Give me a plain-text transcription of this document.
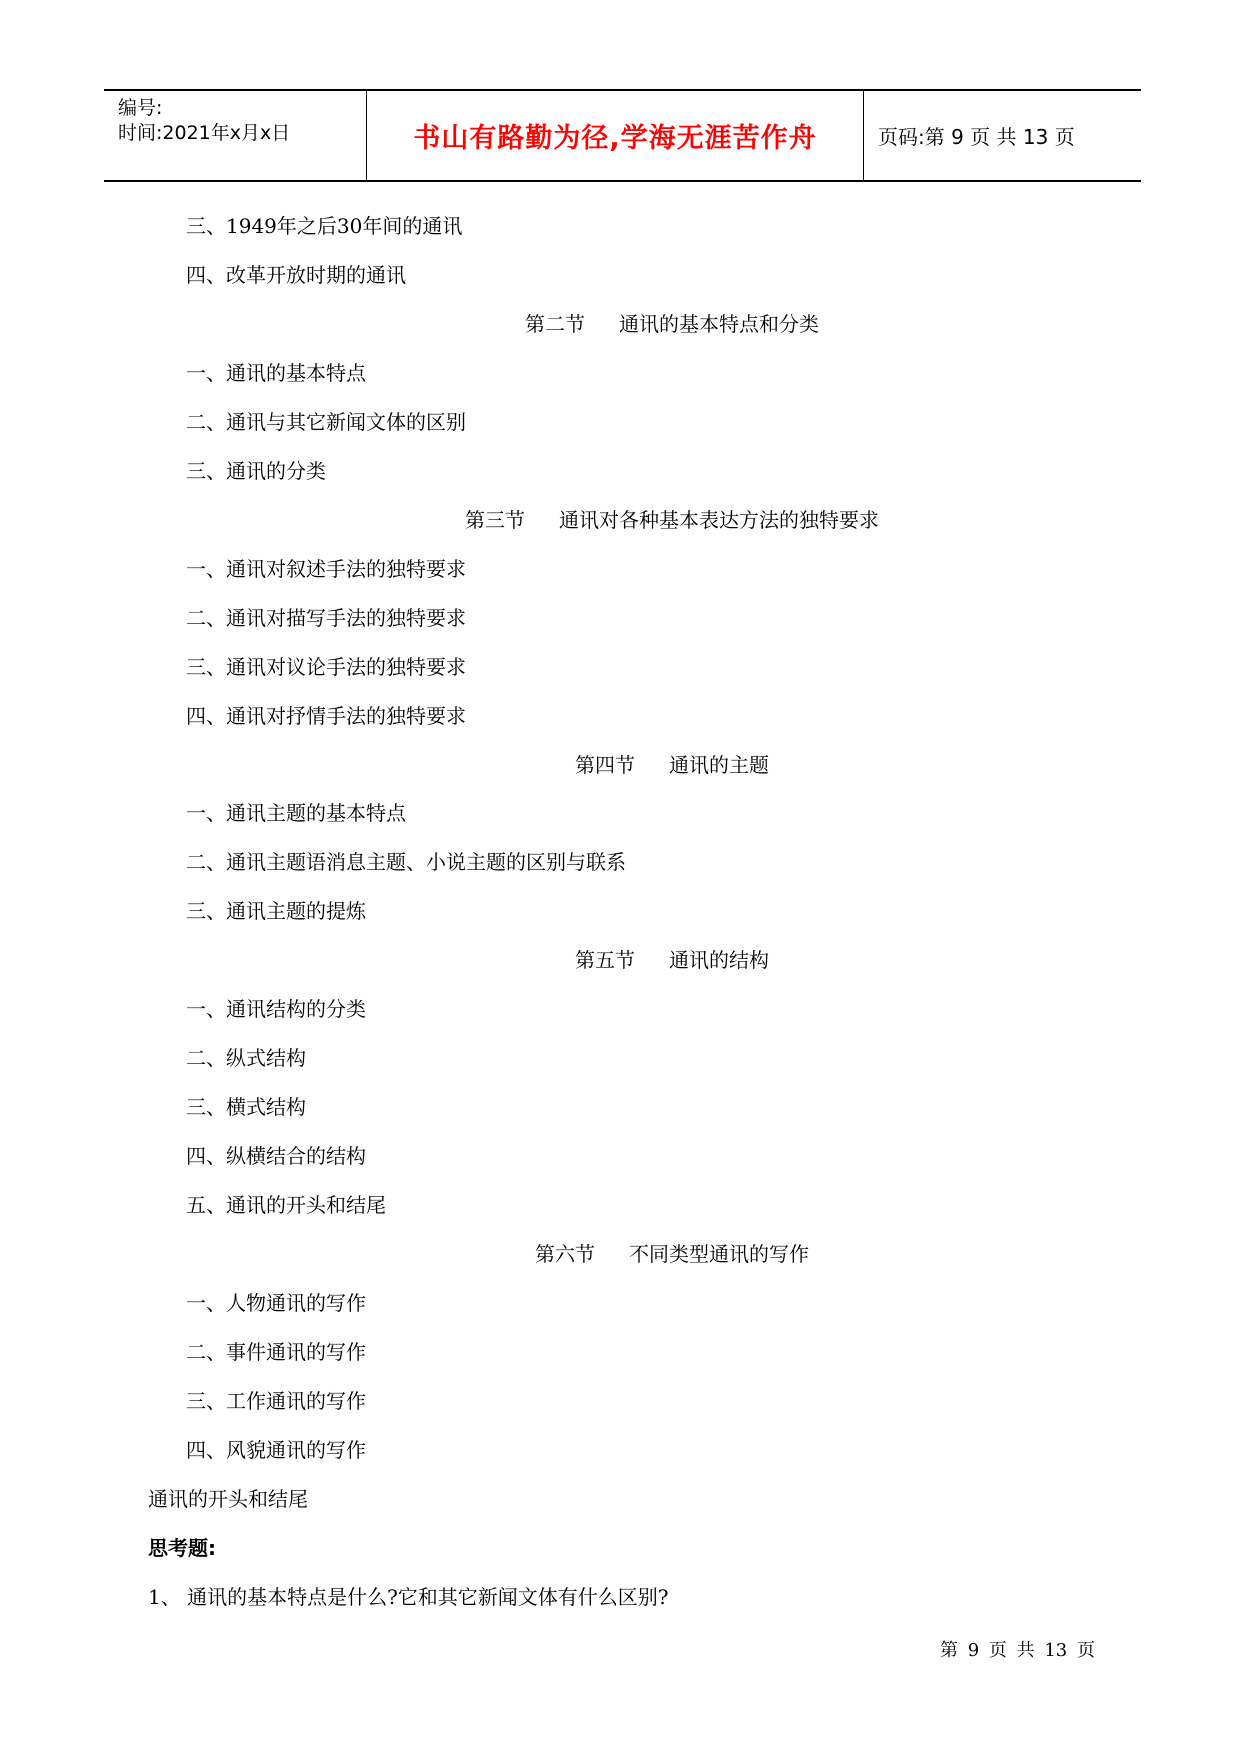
编号:
时间:2021年x月x日	书山有路勤为径,学海无涯苦作舟	页码:第 9 页 共 13 页
三、1949年之后30年间的通讯
四、改革开放时期的通讯
第二节 通讯的基本特点和分类
一、通讯的基本特点
二、通讯与其它新闻文体的区别
三、通讯的分类
第三节 通讯对各种基本表达方法的独特要求
一、通讯对叙述手法的独特要求
二、通讯对描写手法的独特要求
三、通讯对议论手法的独特要求
四、通讯对抒情手法的独特要求
第四节 通讯的主题
一、通讯主题的基本特点
二、通讯主题语消息主题、小说主题的区别与联系
三、通讯主题的提炼
第五节 通讯的结构
一、通讯结构的分类
二、纵式结构
三、横式结构
四、纵横结合的结构
五、通讯的开头和结尾
第六节 不同类型通讯的写作
一、人物通讯的写作
二、事件通讯的写作
三、工作通讯的写作
四、风貌通讯的写作
通讯的开头和结尾
思考题:
1、 通讯的基本特点是什么?它和其它新闻文体有什么区别?
第 9 页 共 13 页
